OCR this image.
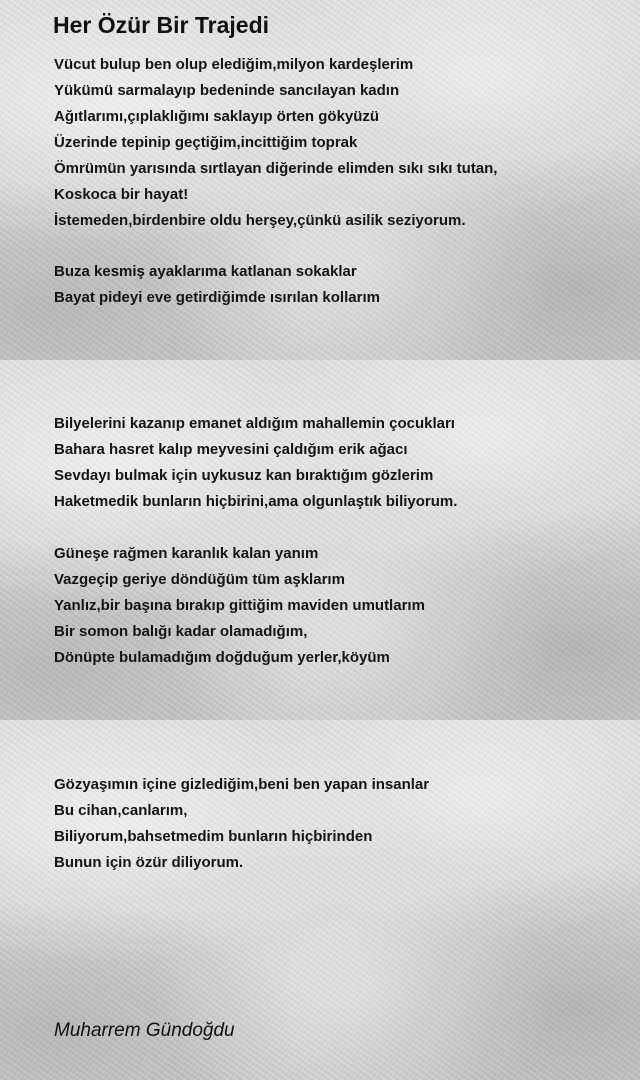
Her Özür Bir Trajedi
Vücut bulup ben olup elediğim,milyon kardeşlerim
Yükümü sarmalayıp bedeninde sancılayan kadın
Ağıtlarımı,çıplaklığımı saklayıp örten gökyüzü
Üzerinde tepinip geçtiğim,incittiğim toprak
Ömrümün yarısında sırtlayan diğerinde elimden sıkı sıkı tutan,
Koskoca bir hayat!
İstemeden,birdenbire oldu herşey,çünkü asilik seziyorum.
Buza kesmiş ayaklarıma katlanan sokaklar
Bayat pideyi eve getirdiğimde ısırılan kollarım
Bilyelerini kazanıp emanet aldığım mahallemin çocukları
Bahara hasret kalıp meyvesini çaldığım erik ağacı
Sevdayı bulmak için uykusuz kan bıraktığım gözlerim
Haketmedik bunların hiçbirini,ama olgunlaştık biliyorum.
Güneşe rağmen karanlık kalan yanım
Vazgeçip geriye döndüğüm tüm aşklarım
Yanlız,bir başına bırakıp gittiğim maviden umutlarım
Bir somon balığı kadar olamadığım,
Dönüpte bulamadığım doğduğum yerler,köyüm
Gözyaşımın içine gizlediğim,beni ben yapan insanlar
Bu cihan,canlarım,
Biliyorum,bahsetmedim bunların hiçbirinden
Bunun için özür diliyorum.
Muharrem Gündoğdu
